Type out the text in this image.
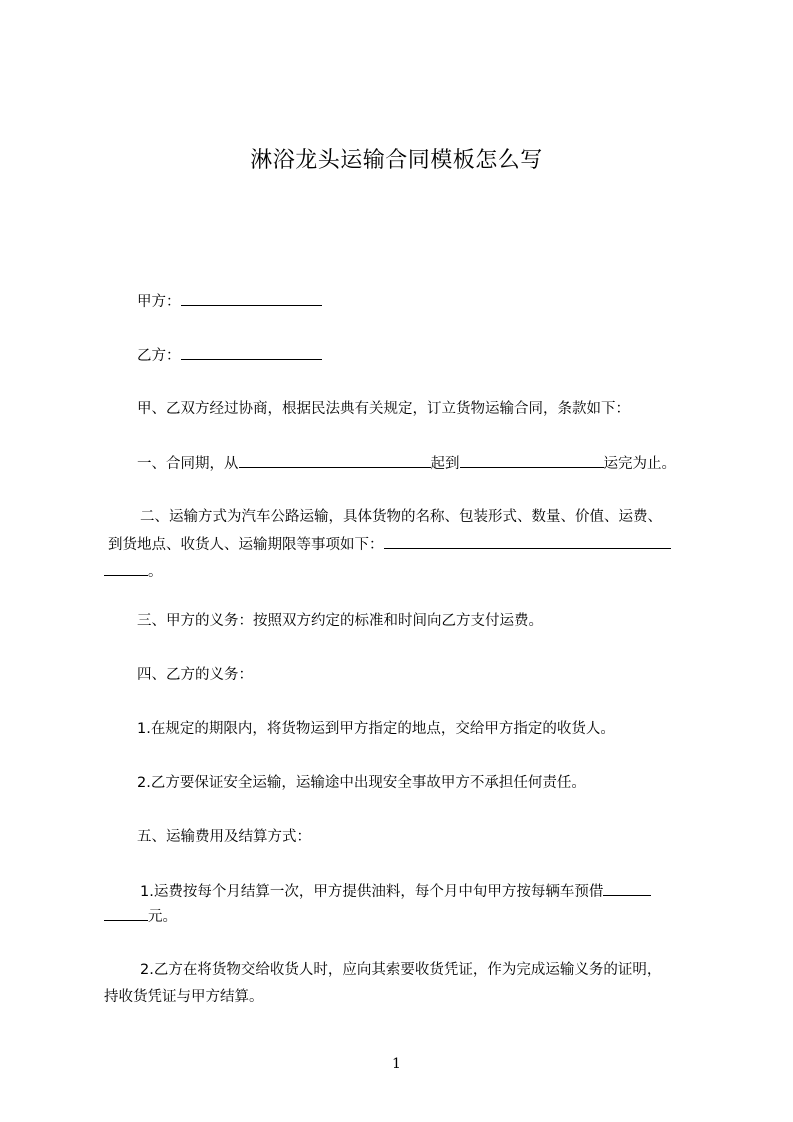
淋浴龙头运输合同模板怎么写
甲方：
乙方：
甲、乙双方经过协商，根据民法典有关规定，订立货物运输合同，条款如下：
一、合同期，从	起到	运完为止。
二、运输方式为汽车公路运输，具体货物的名称、包装形式、数量、价值、运费、
到货地点、收货人、运输期限等事项如下：
。
三、甲方的义务：按照双方约定的标准和时间向乙方支付运费。
四、乙方的义务：
1.在规定的期限内，将货物运到甲方指定的地点，交给甲方指定的收货人。
2.乙方要保证安全运输，运输途中出现安全事故甲方不承担任何责任。
五、运输费用及结算方式：
1.运费按每个月结算一次，甲方提供油料，每个月中旬甲方按每辆车预借
元。
2.乙方在将货物交给收货人时，应向其索要收货凭证，作为完成运输义务的证明，
持收货凭证与甲方结算。
1
